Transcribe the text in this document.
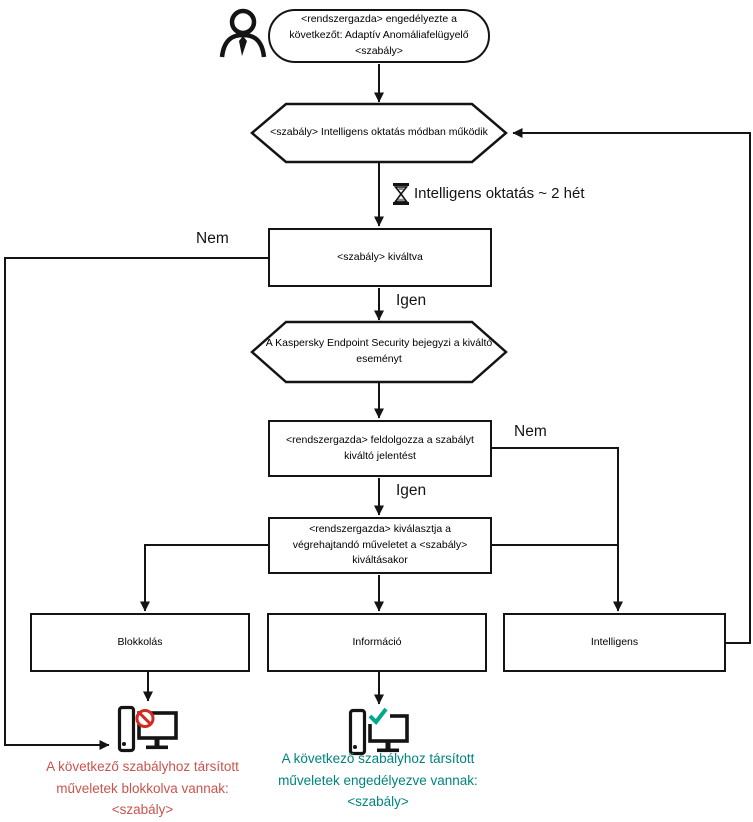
<rendszergazda> engedélyezte a
következőt: Adaptív Anomáliafelügyelő
<szabály>
<szabály> Intelligens oktatás módban működik
A Kaspersky Endpoint Security bejegyzi a kiváltó
eseményt
Intelligens oktatás ~ 2 hét
<szabály> kiváltva
Nem
Igen
<rendszergazda> feldolgozza a szabályt
kiváltó jelentést
Nem
Igen
<rendszergazda> kiválasztja a
végrehajtandó műveletet a <szabály>
kiváltásakor
Blokkolás	Információ	Intelligens
A következő szabályhoz társított
műveletek blokkolva vannak:
<szabály>
A következő szabályhoz társított
műveletek engedélyezve vannak:
<szabály>
